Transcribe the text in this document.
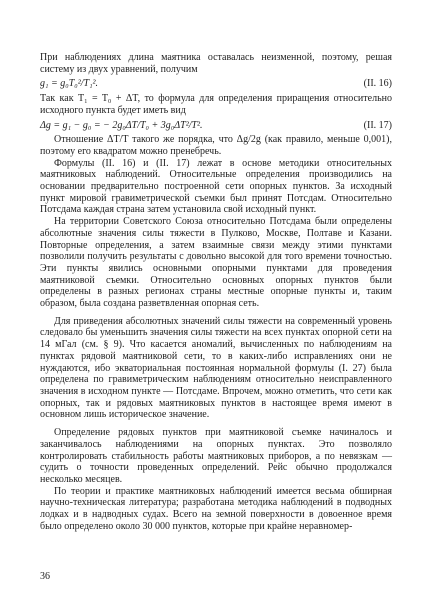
При наблюдениях длина маятника оставалась неизменной, поэтому, решая систему из двух уравнений, получим

g₁ = g₀T₀²/T₁².	(II. 16)

Так как T₁ = T₀ + ΔT, то формула для определения приращения относительно исходного пункта будет иметь вид

Δg = g₁ − g₀ = − 2g₀ΔT/T₀ + 3g₀ΔT²/T².	(II. 17)

Отношение ΔT/T такого же порядка, что Δg/2g (как правило, меньше 0,001), поэтому его квадратом можно пренебречь.

Формулы (II. 16) и (II. 17) лежат в основе методики относительных маятниковых наблюдений. Относительные определения производились на основании предварительно построенной сети опорных пунктов. За исходный пункт мировой гравиметрической съемки был принят Потсдам. Относительно Потсдама каждая страна затем установила свой исходный пункт.

На территории Советского Союза относительно Потсдама были определены абсолютные значения силы тяжести в Пулково, Москве, Полтаве и Казани. Повторные определения, а затем взаимные связи между этими пунктами позволили получить результаты с довольно высокой для того времени точностью. Эти пункты явились основными опорными пунктами для проведения маятниковой съемки. Относительно основных опорных пунктов были определены в разных регионах страны местные опорные пункты и, таким образом, была создана разветвленная опорная сеть.

Для приведения абсолютных значений силы тяжести на современный уровень следовало бы уменьшить значения силы тяжести на всех пунктах опорной сети на 14 мГал (см. § 9). Что касается аномалий, вычисленных по наблюдениям на пунктах рядовой маятниковой сети, то в каких-либо исправлениях они не нуждаются, ибо экваториальная постоянная нормальной формулы (I. 27) была определена по гравиметрическим наблюдениям относительно неисправленного значения в исходном пункте — Потсдаме. Впрочем, можно отметить, что сети как опорных, так и рядовых маятниковых пунктов в настоящее время имеют в основном лишь историческое значение.

Определение рядовых пунктов при маятниковой съемке начиналось и заканчивалось наблюдениями на опорных пунктах. Это позволяло контролировать стабильность работы маятниковых приборов, а по невязкам — судить о точности проведенных определений. Рейс обычно продолжался несколько месяцев.

По теории и практике маятниковых наблюдений имеется весьма обширная научно-техническая литература; разработана методика наблюдений в подводных лодках и в надводных судах. Всего на земной поверхности в довоенное время было определено около 30 000 пунктов, которые при крайне неравномер-

36
